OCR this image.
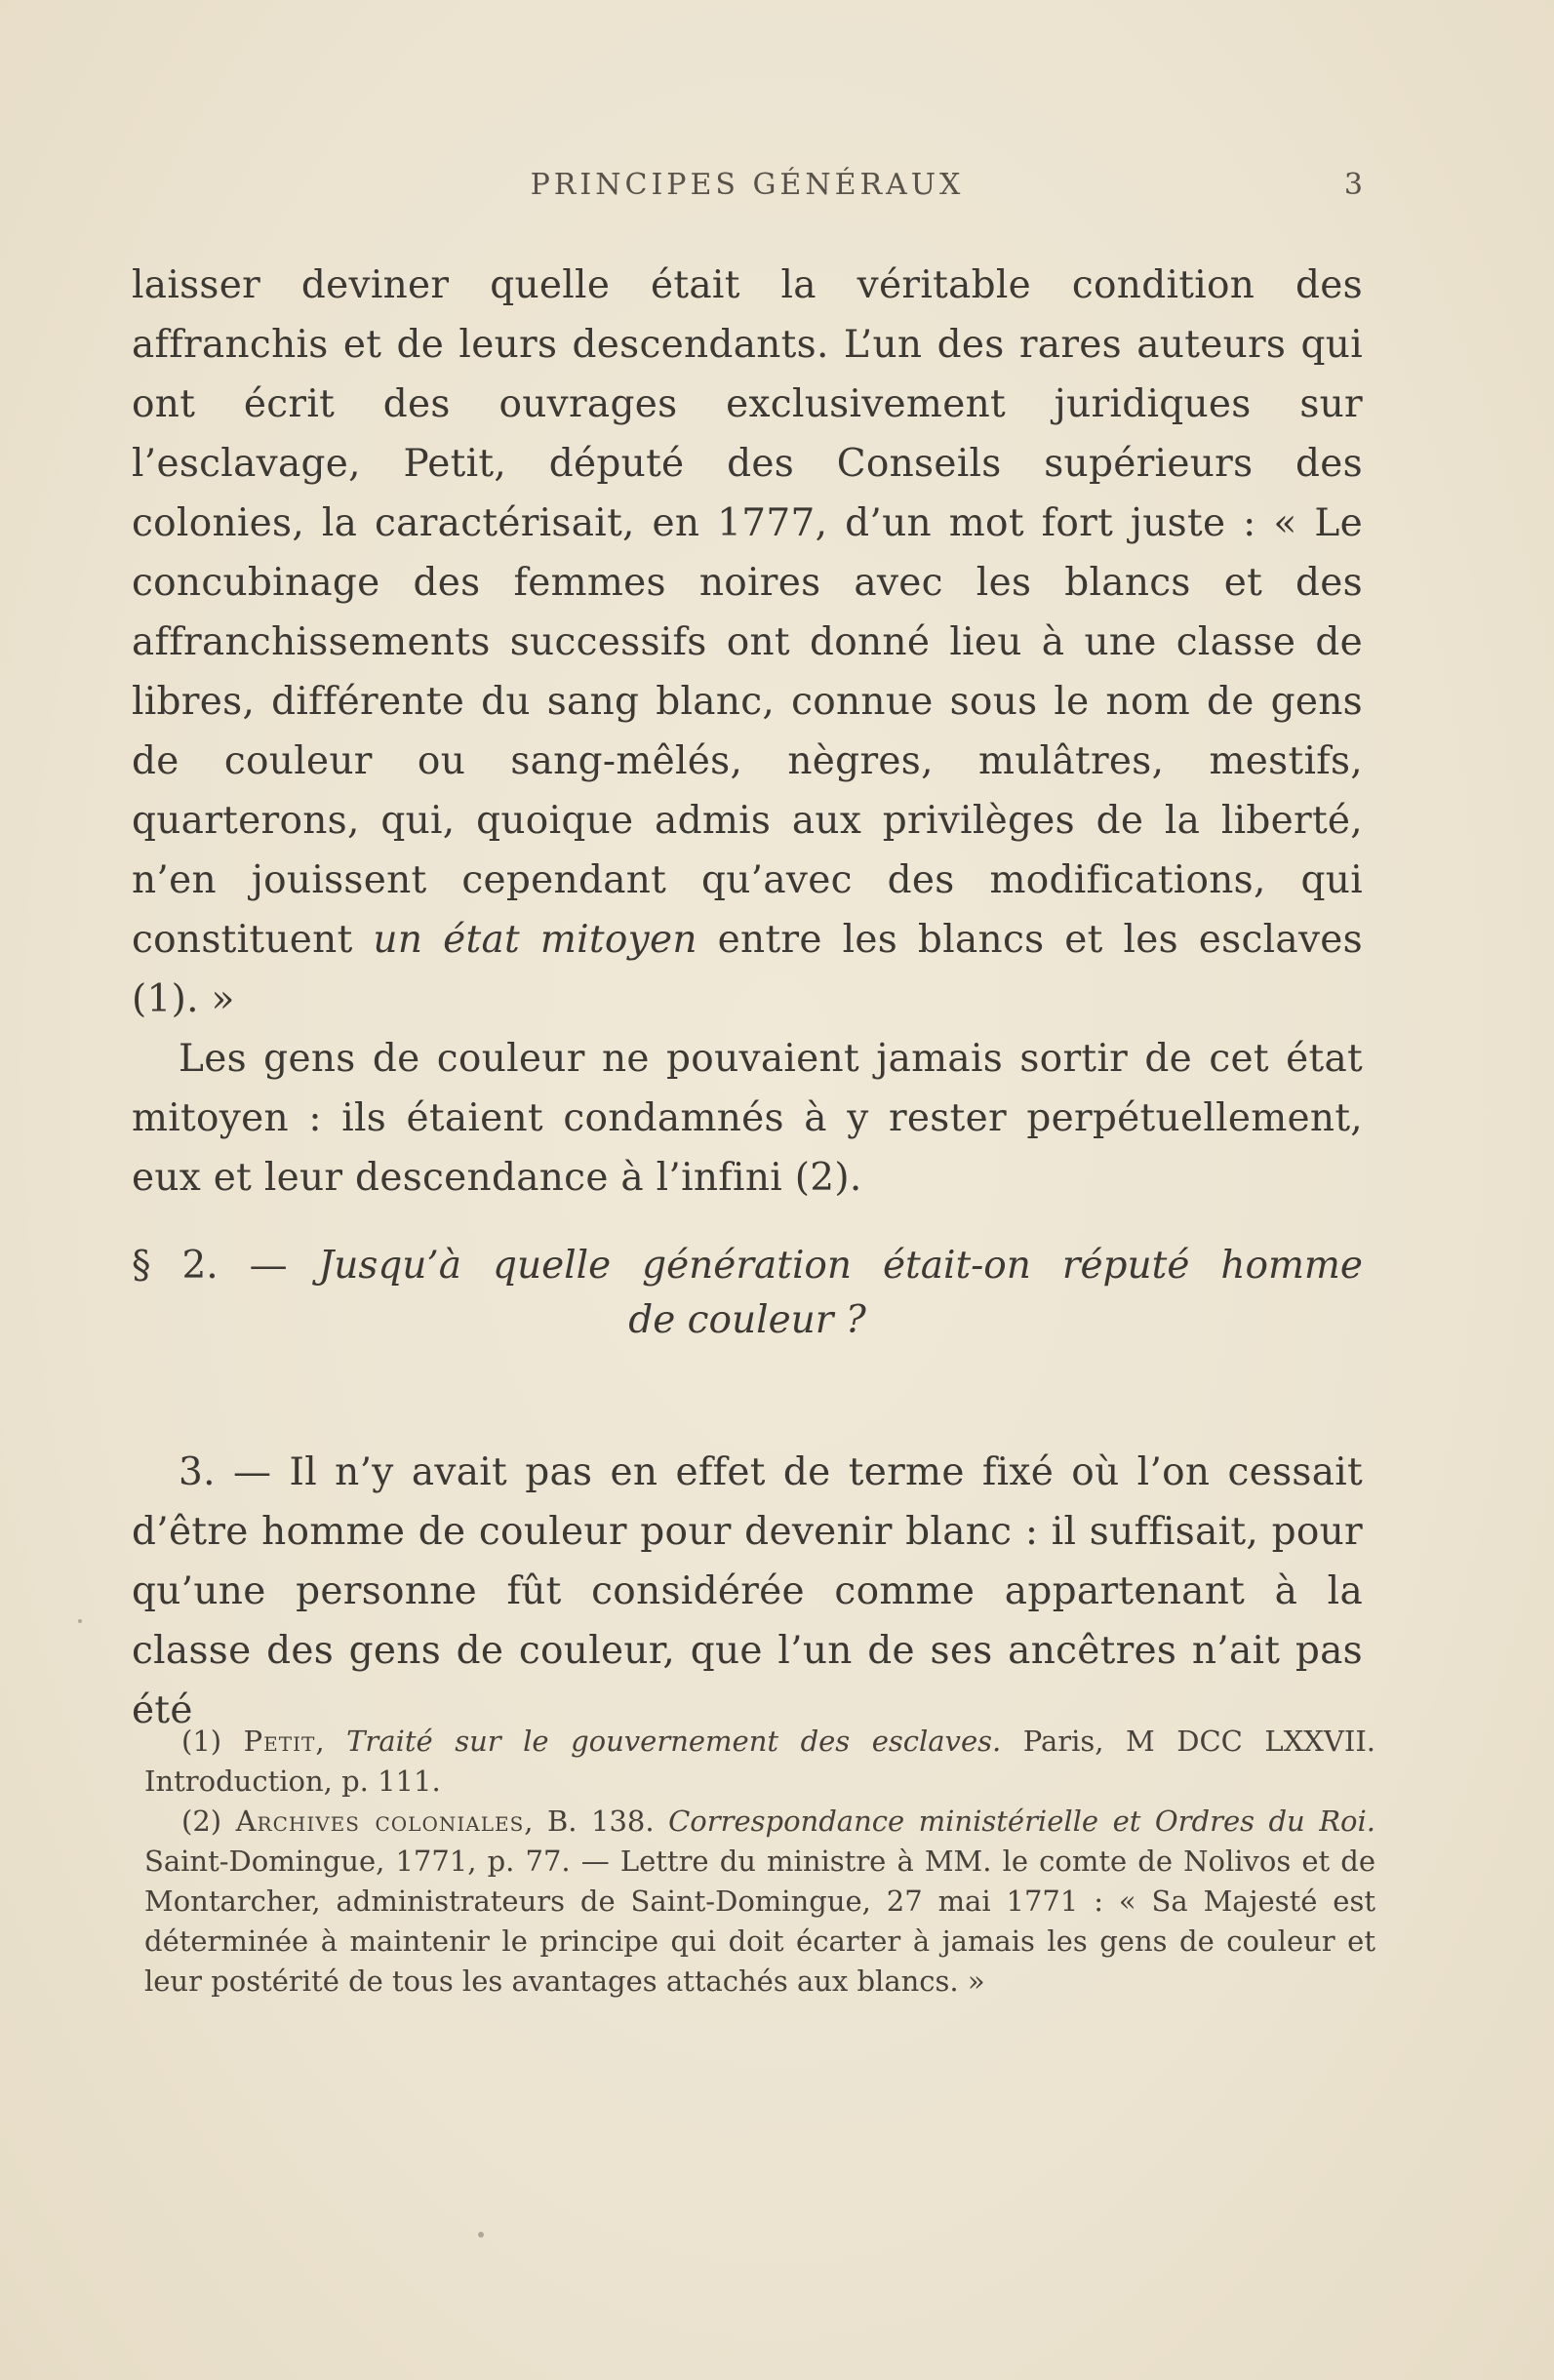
PRINCIPES GÉNÉRAUX	3

laisser deviner quelle était la véritable condition des affranchis et de leurs descendants. L’un des rares auteurs qui ont écrit des ouvrages exclusivement juridiques sur l’esclavage, Petit, député des Conseils supérieurs des colonies, la caractérisait, en 1777, d’un mot fort juste : « Le concubinage des femmes noires avec les blancs et des affranchissements successifs ont donné lieu à une classe de libres, différente du sang blanc, connue sous le nom de gens de couleur ou sang-mêlés, nègres, mulâtres, mestifs, quarterons, qui, quoique admis aux privilèges de la liberté, n’en jouissent cependant qu’avec des modifications, qui constituent un état mitoyen entre les blancs et les esclaves (1). »

Les gens de couleur ne pouvaient jamais sortir de cet état mitoyen : ils étaient condamnés à y rester perpétuellement, eux et leur descendance à l’infini (2).

§ 2. — Jusqu’à quelle génération était-on réputé homme
de couleur ?

3. — Il n’y avait pas en effet de terme fixé où l’on cessait d’être homme de couleur pour devenir blanc : il suffisait, pour qu’une personne fût considérée comme appartenant à la classe des gens de couleur, que l’un de ses ancêtres n’ait pas été

(1) Petit, Traité sur le gouvernement des esclaves. Paris, M DCC LXXVII. Introduction, p. 111.

(2) Archives coloniales, B. 138. Correspondance ministérielle et Ordres du Roi. Saint-Domingue, 1771, p. 77. — Lettre du ministre à MM. le comte de Nolivos et de Montarcher, administrateurs de Saint-Domingue, 27 mai 1771 : « Sa Majesté est déterminée à maintenir le principe qui doit écarter à jamais les gens de couleur et leur postérité de tous les avantages attachés aux blancs. »
